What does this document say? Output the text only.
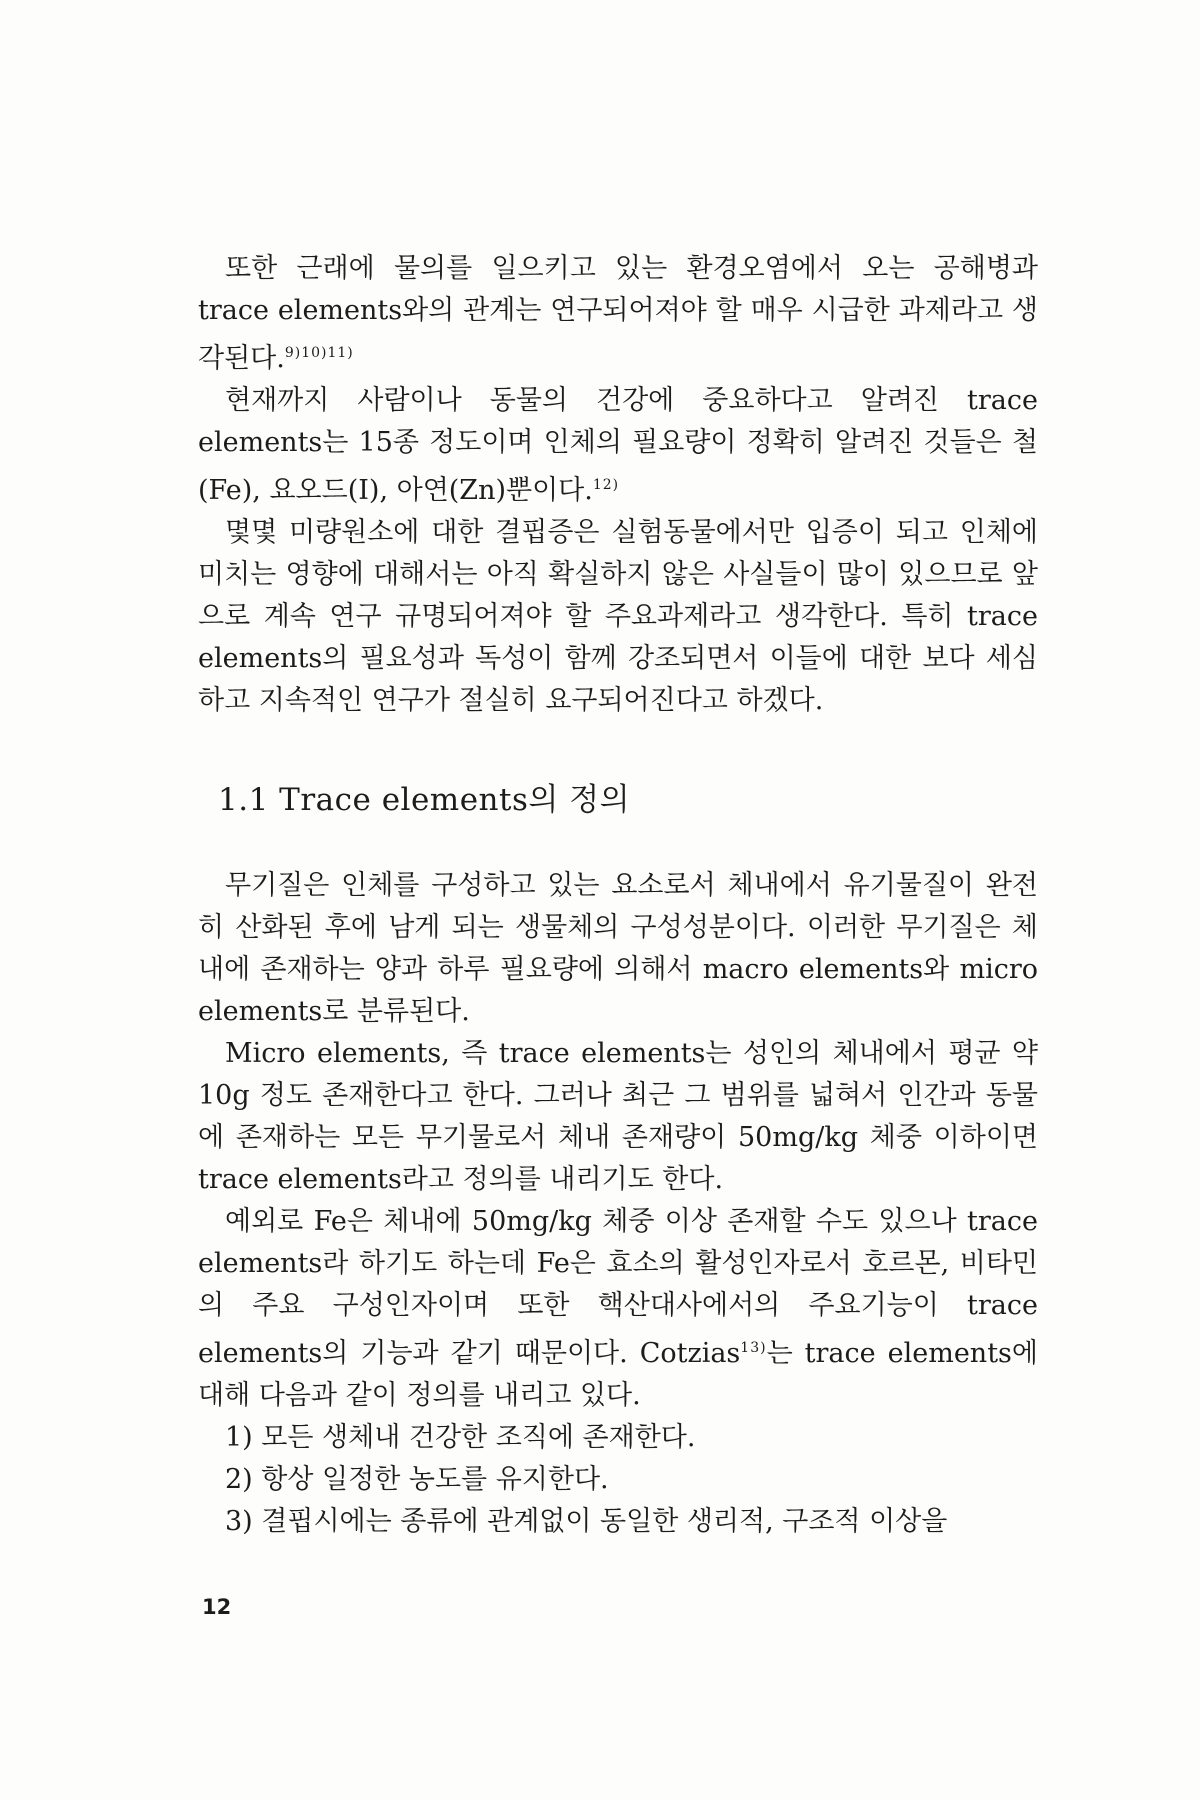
또한 근래에 물의를 일으키고 있는 환경오염에서 오는 공해병과 trace elements와의 관계는 연구되어져야 할 매우 시급한 과제라고 생각된다.$^{9)10)11)}$

현재까지 사람이나 동물의 건강에 중요하다고 알려진 trace elements는 15종 정도이며 인체의 필요량이 정확히 알려진 것들은 철(Fe), 요오드(I), 아연(Zn)뿐이다.$^{12)}$

몇몇 미량원소에 대한 결핍증은 실험동물에서만 입증이 되고 인체에 미치는 영향에 대해서는 아직 확실하지 않은 사실들이 많이 있으므로 앞으로 계속 연구 규명되어져야 할 주요과제라고 생각한다. 특히 trace elements의 필요성과 독성이 함께 강조되면서 이들에 대한 보다 세심하고 지속적인 연구가 절실히 요구되어진다고 하겠다.

1.1 Trace elements의 정의

무기질은 인체를 구성하고 있는 요소로서 체내에서 유기물질이 완전히 산화된 후에 남게 되는 생물체의 구성성분이다. 이러한 무기질은 체내에 존재하는 양과 하루 필요량에 의해서 macro elements와 micro elements로 분류된다.

Micro elements, 즉 trace elements는 성인의 체내에서 평균 약 10g 정도 존재한다고 한다. 그러나 최근 그 범위를 넓혀서 인간과 동물에 존재하는 모든 무기물로서 체내 존재량이 50mg/kg 체중 이하이면 trace elements라고 정의를 내리기도 한다.

예외로 Fe은 체내에 50mg/kg 체중 이상 존재할 수도 있으나 trace elements라 하기도 하는데 Fe은 효소의 활성인자로서 호르몬, 비타민의 주요 구성인자이며 또한 핵산대사에서의 주요기능이 trace elements의 기능과 같기 때문이다. Cotzias$^{13)}$는 trace elements에 대해 다음과 같이 정의를 내리고 있다.

1) 모든 생체내 건강한 조직에 존재한다.
2) 항상 일정한 농도를 유지한다.
3) 결핍시에는 종류에 관계없이 동일한 생리적, 구조적 이상을
12
